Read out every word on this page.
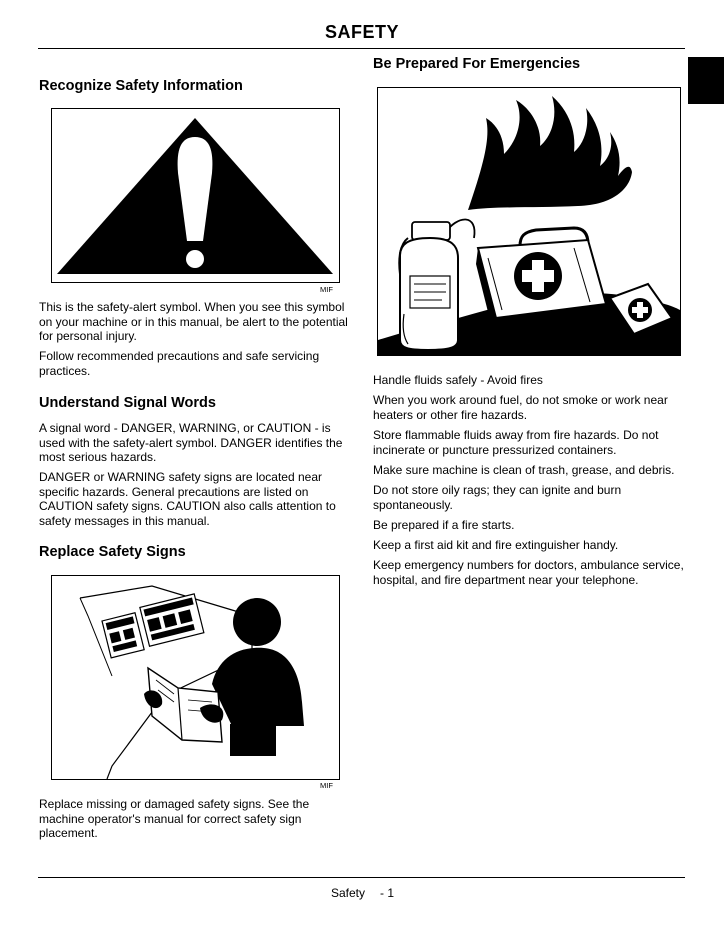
SAFETY
Recognize Safety Information
MIF

This is the safety-alert symbol. When you see this symbol on your machine or in this manual, be alert to the potential for personal injury.

Follow recommended precautions and safe servicing practices.

Understand Signal Words

A signal word - DANGER, WARNING, or CAUTION - is used with the safety-alert symbol. DANGER identifies the most serious hazards.

DANGER or WARNING safety signs are located near specific hazards. General precautions are listed on CAUTION safety signs. CAUTION also calls attention to safety messages in this manual.

Replace Safety Signs
MIF

Replace missing or damaged safety signs. See the machine operator's manual for correct safety sign placement.

Be Prepared For Emergencies

Handle fluids safely - Avoid fires

When you work around fuel, do not smoke or work near heaters or other fire hazards.

Store flammable fluids away from fire hazards. Do not incinerate or puncture pressurized containers.

Make sure machine is clean of trash, grease, and debris.

Do not store oily rags; they can ignite and burn spontaneously.

Be prepared if a fire starts.

Keep a first aid kit and fire extinguisher handy.

Keep emergency numbers for doctors, ambulance service, hospital, and fire department near your telephone.

Safety - 1
